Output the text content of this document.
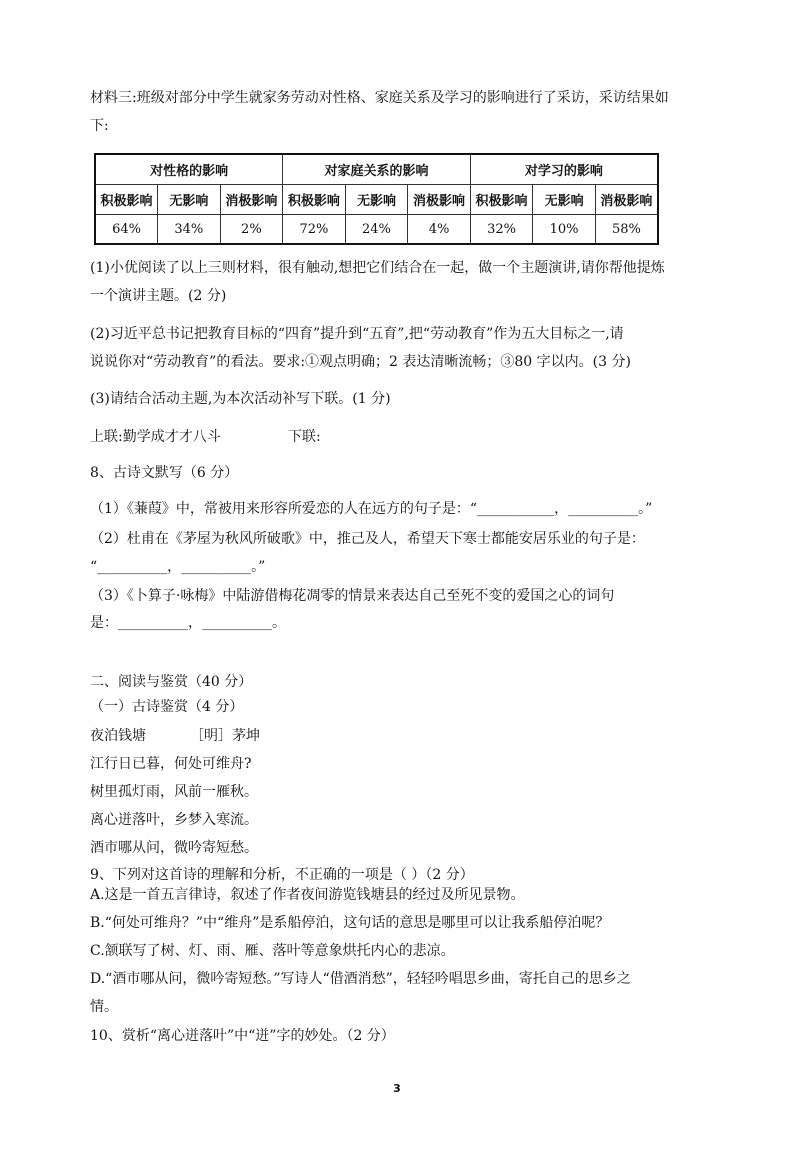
材料三:班级对部分中学生就家务劳动对性格、家庭关系及学习的影响进行了采访，采访结果如
下:
对性格的影响			对家庭关系的影响			对学习的影响		
积极影响	无影响	消极影响	积极影响	无影响	消极影响	积极影响	无影响	消极影响
64%	34%	2%	72%	24%	4%	32%	10%	58%
(1)小优阅读了以上三则材料，很有触动,想把它们结合在一起，做一个主题演讲,请你帮他提炼
一个演讲主题。(2 分)
(2)习近平总书记把教育目标的“四育”提升到“五育”,把“劳动教育”作为五大目标之一,请
说说你对“劳动教育”的看法。要求:①观点明确；2 表达清晰流畅；③80 字以内。(3 分)
(3)请结合活动主题,为本次活动补写下联。(1 分)
上联:勤学成才才八斗	下联:
8、古诗文默写（6 分）
（1）《蒹葭》中，常被用来形容所爱恋的人在远方的句子是：“___________，__________。”
（2）杜甫在《茅屋为秋风所破歌》中，推己及人，希望天下寒士都能安居乐业的句子是：
“__________，__________。”
（3）《卜算子·咏梅》中陆游借梅花凋零的情景来表达自己至死不变的爱国之心的词句
是：__________，__________。
二、阅读与鉴赏（40 分）
（一）古诗鉴赏（4 分）
夜泊钱塘	［明］茅坤
江行日已暮，何处可维舟?
树里孤灯雨，风前一雁秋。
离心迸落叶，乡梦入寒流。
酒市哪从问，微吟寄短愁。
9、下列对这首诗的理解和分析，不正确的一项是（ ）（2 分）
A.这是一首五言律诗，叙述了作者夜间游览钱塘县的经过及所见景物。
B.“何处可维舟？”中“维舟”是系船停泊，这句话的意思是哪里可以让我系船停泊呢？
C.颔联写了树、灯、雨、雁、落叶等意象烘托内心的悲凉。
D.“酒市哪从问，微吟寄短愁。”写诗人“借酒消愁”，轻轻吟唱思乡曲，寄托自己的思乡之
情。
10、赏析“离心迸落叶”中“迸”字的妙处。（2 分）
3
